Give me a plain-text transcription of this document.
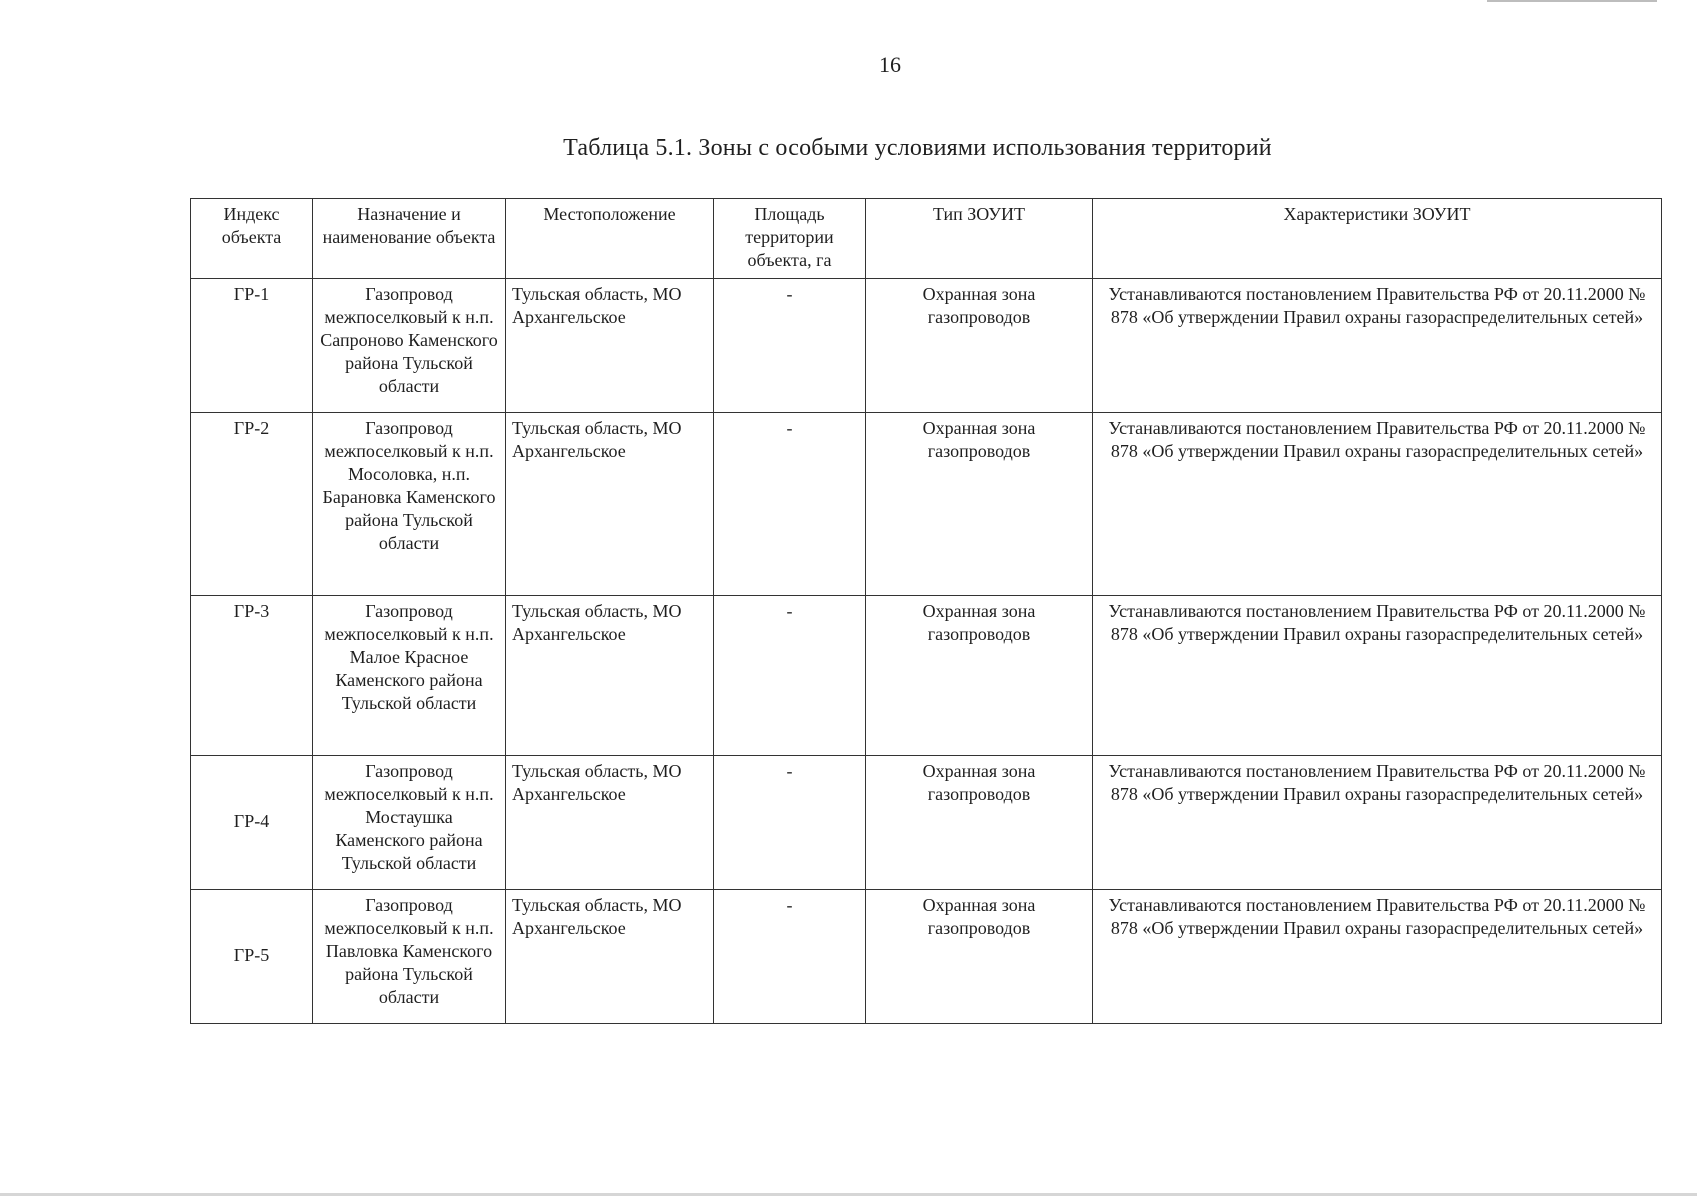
16

Таблица 5.1. Зоны с особыми условиями использования территорий
Индекс объекта	Назначение и наименование объекта	Местоположение	Площадь территории объекта, га	Тип ЗОУИТ	Характеристики ЗОУИТ
ГР-1	Газопровод межпоселковый к н.п. Сапроново Каменского района Тульской области	Тульская область, МО Архангельское	-	Охранная зона газопроводов	Устанавливаются постановлением Правительства РФ от 20.11.2000 № 878 «Об утверждении Правил охраны газораспределительных сетей»
ГР-2	Газопровод межпоселковый к н.п. Мосоловка, н.п. Барановка Каменского района Тульской области	Тульская область, МО Архангельское	-	Охранная зона газопроводов	Устанавливаются постановлением Правительства РФ от 20.11.2000 № 878 «Об утверждении Правил охраны газораспределительных сетей»
ГР-3	Газопровод межпоселковый к н.п. Малое Красное Каменского района Тульской области	Тульская область, МО Архангельское	-	Охранная зона газопроводов	Устанавливаются постановлением Правительства РФ от 20.11.2000 № 878 «Об утверждении Правил охраны газораспределительных сетей»
ГР-4	Газопровод межпоселковый к н.п. Мостаушка Каменского района Тульской области	Тульская область, МО Архангельское	-	Охранная зона газопроводов	Устанавливаются постановлением Правительства РФ от 20.11.2000 № 878 «Об утверждении Правил охраны газораспределительных сетей»
ГР-5	Газопровод межпоселковый к н.п. Павловка Каменского района Тульской области	Тульская область, МО Архангельское	-	Охранная зона газопроводов	Устанавливаются постановлением Правительства РФ от 20.11.2000 № 878 «Об утверждении Правил охраны газораспределительных сетей»
